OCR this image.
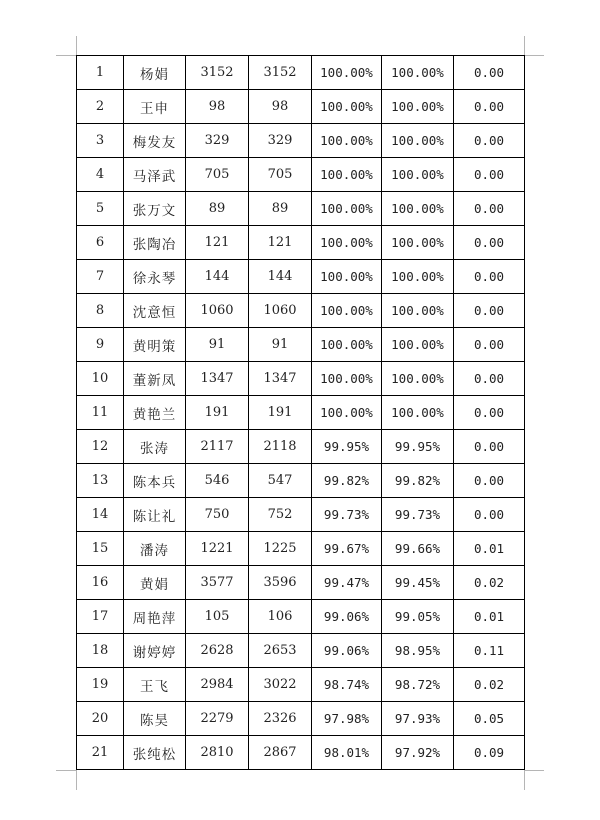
1	杨娟	3152	3152	100.00%	100.00%	0.00
2	王申	98	98	100.00%	100.00%	0.00
3	梅发友	329	329	100.00%	100.00%	0.00
4	马泽武	705	705	100.00%	100.00%	0.00
5	张万文	89	89	100.00%	100.00%	0.00
6	张陶冶	121	121	100.00%	100.00%	0.00
7	徐永琴	144	144	100.00%	100.00%	0.00
8	沈意恒	1060	1060	100.00%	100.00%	0.00
9	黄明策	91	91	100.00%	100.00%	0.00
10	董新凤	1347	1347	100.00%	100.00%	0.00
11	黄艳兰	191	191	100.00%	100.00%	0.00
12	张涛	2117	2118	99.95%	99.95%	0.00
13	陈本兵	546	547	99.82%	99.82%	0.00
14	陈让礼	750	752	99.73%	99.73%	0.00
15	潘涛	1221	1225	99.67%	99.66%	0.01
16	黄娟	3577	3596	99.47%	99.45%	0.02
17	周艳萍	105	106	99.06%	99.05%	0.01
18	谢婷婷	2628	2653	99.06%	98.95%	0.11
19	王飞	2984	3022	98.74%	98.72%	0.02
20	陈昊	2279	2326	97.98%	97.93%	0.05
21	张纯松	2810	2867	98.01%	97.92%	0.09
